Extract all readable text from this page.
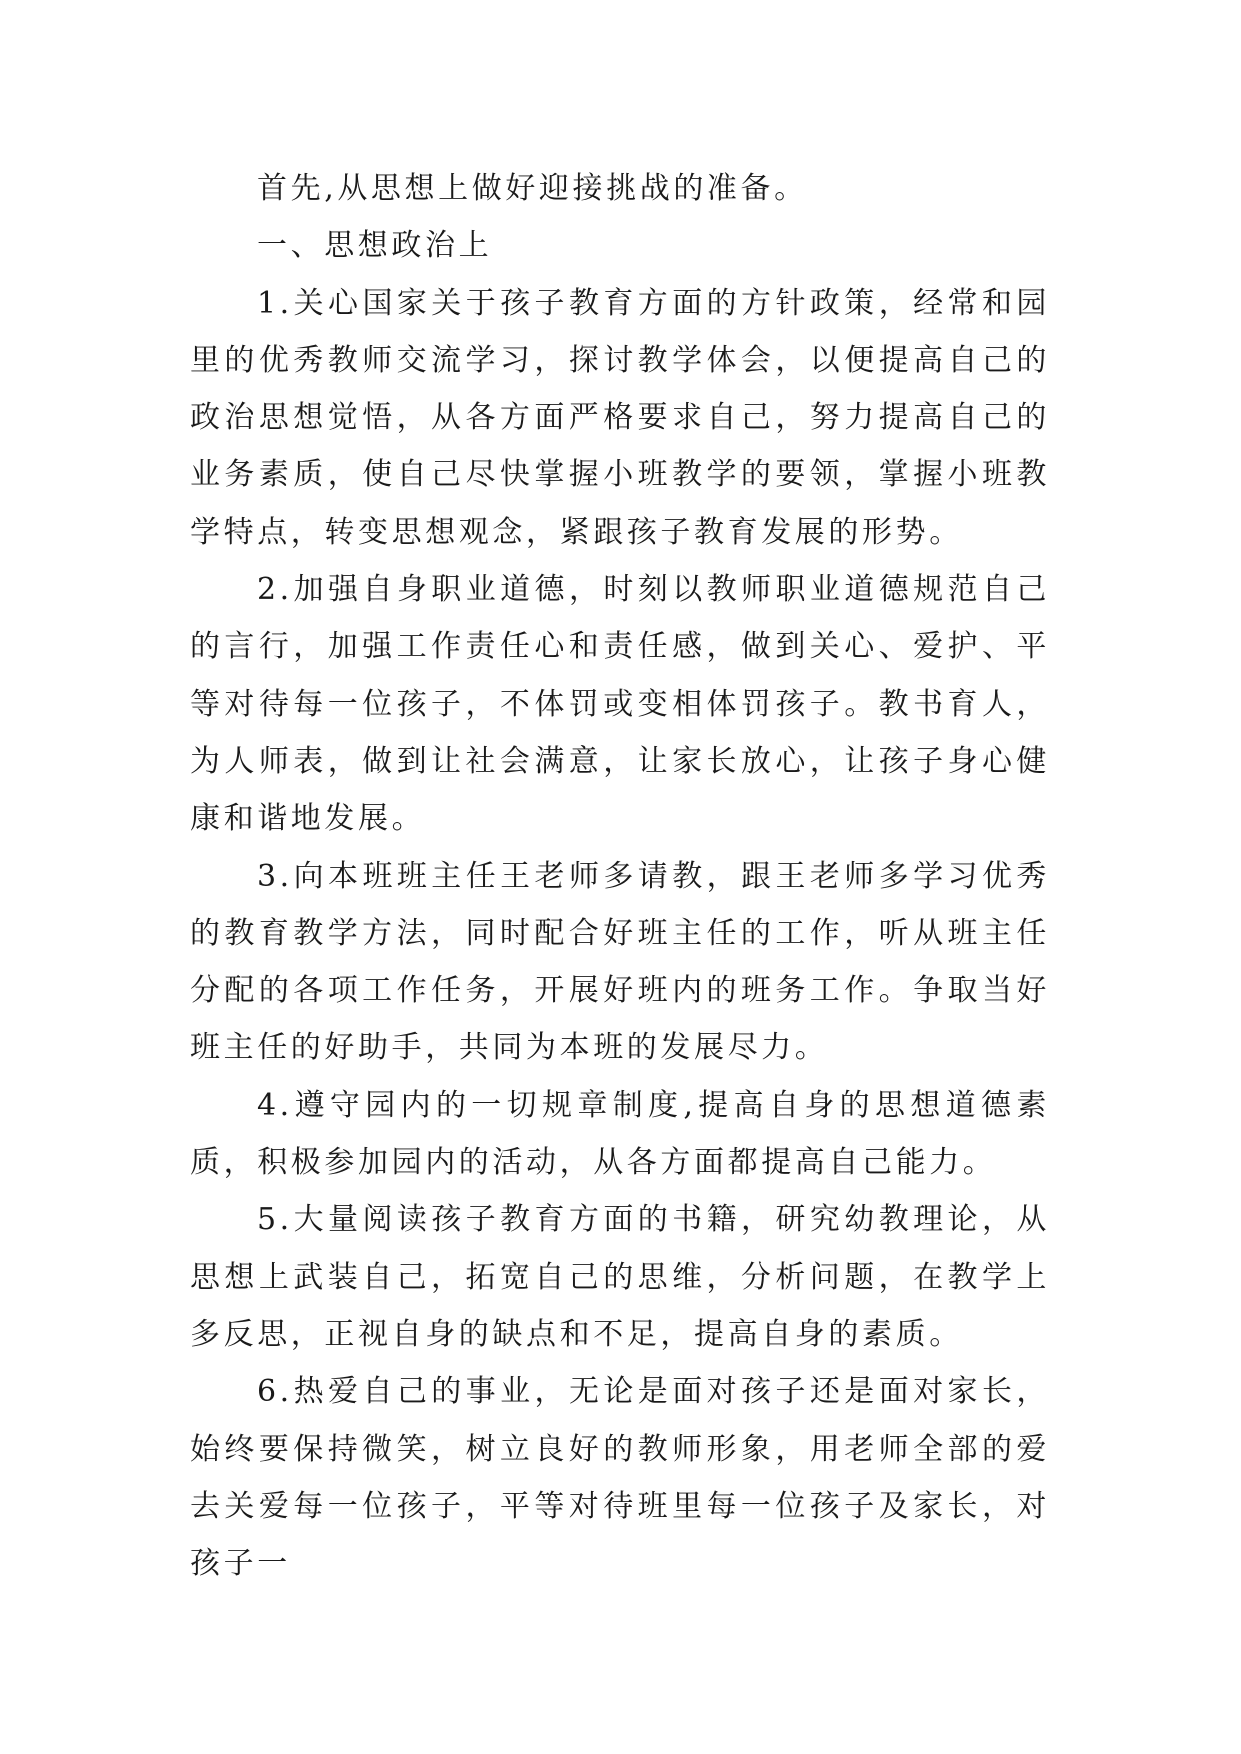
首先,从思想上做好迎接挑战的准备。

一、思想政治上

1.关心国家关于孩子教育方面的方针政策，经常和园里的优秀教师交流学习，探讨教学体会，以便提高自己的政治思想觉悟，从各方面严格要求自己，努力提高自己的业务素质，使自己尽快掌握小班教学的要领，掌握小班教学特点，转变思想观念，紧跟孩子教育发展的形势。

2.加强自身职业道德，时刻以教师职业道德规范自己的言行，加强工作责任心和责任感，做到关心、爱护、平等对待每一位孩子，不体罚或变相体罚孩子。教书育人，为人师表，做到让社会满意，让家长放心，让孩子身心健康和谐地发展。

3.向本班班主任王老师多请教，跟王老师多学习优秀的教育教学方法，同时配合好班主任的工作，听从班主任分配的各项工作任务，开展好班内的班务工作。争取当好班主任的好助手，共同为本班的发展尽力。

4.遵守园内的一切规章制度,提高自身的思想道德素质，积极参加园内的活动，从各方面都提高自己能力。

5.大量阅读孩子教育方面的书籍，研究幼教理论，从思想上武装自己，拓宽自己的思维，分析问题，在教学上多反思，正视自身的缺点和不足，提高自身的素质。

6.热爱自己的事业，无论是面对孩子还是面对家长，始终要保持微笑，树立良好的教师形象，用老师全部的爱去关爱每一位孩子，平等对待班里每一位孩子及家长，对孩子一
